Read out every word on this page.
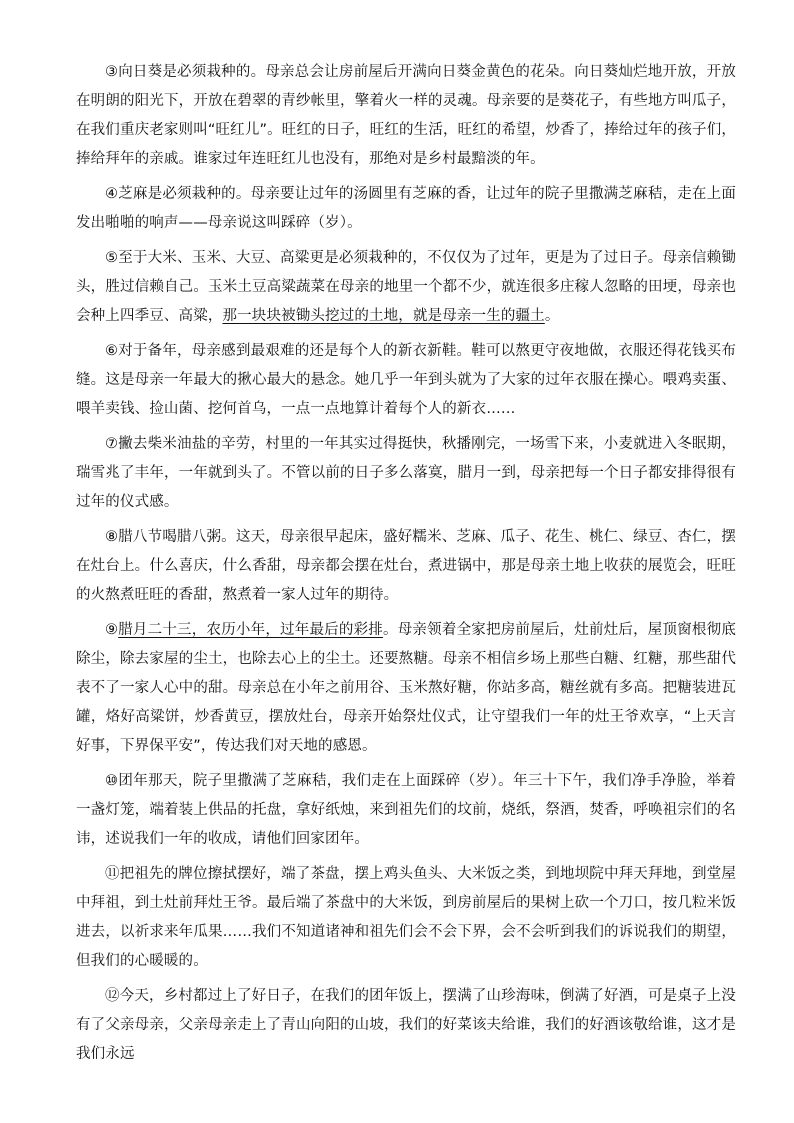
③向日葵是必须栽种的。母亲总会让房前屋后开满向日葵金黄色的花朵。向日葵灿烂地开放，开放在明朗的阳光下，开放在碧翠的青纱帐里，擎着火一样的灵魂。母亲要的是葵花子，有些地方叫瓜子，在我们重庆老家则叫“旺红儿”。旺红的日子，旺红的生活，旺红的希望，炒香了，捧给过年的孩子们，捧给拜年的亲戚。谁家过年连旺红儿也没有，那绝对是乡村最黯淡的年。

④芝麻是必须栽种的。母亲要让过年的汤圆里有芝麻的香，让过年的院子里撒满芝麻秸，走在上面发出啪啪的响声——母亲说这叫踩碎（岁）。

⑤至于大米、玉米、大豆、高粱更是必须栽种的，不仅仅为了过年，更是为了过日子。母亲信赖锄头，胜过信赖自己。玉米土豆高粱蔬菜在母亲的地里一个都不少，就连很多庄稼人忽略的田埂，母亲也会种上四季豆、高粱，那一块块被锄头挖过的土地，就是母亲一生的疆土。

⑥对于备年，母亲感到最艰难的还是每个人的新衣新鞋。鞋可以熬更守夜地做，衣服还得花钱买布缝。这是母亲一年最大的揪心最大的悬念。她几乎一年到头就为了大家的过年衣服在操心。喂鸡卖蛋、喂羊卖钱、捡山菌、挖何首乌，一点一点地算计着每个人的新衣……

⑦撇去柴米油盐的辛劳，村里的一年其实过得挺快，秋播刚完，一场雪下来，小麦就进入冬眠期，瑞雪兆了丰年，一年就到头了。不管以前的日子多么落寞，腊月一到，母亲把每一个日子都安排得很有过年的仪式感。

⑧腊八节喝腊八粥。这天，母亲很早起床，盛好糯米、芝麻、瓜子、花生、桃仁、绿豆、杏仁，摆在灶台上。什么喜庆，什么香甜，母亲都会摆在灶台，煮进锅中，那是母亲土地上收获的展览会，旺旺的火熬煮旺旺的香甜，熬煮着一家人过年的期待。

⑨腊月二十三，农历小年，过年最后的彩排。母亲领着全家把房前屋后，灶前灶后，屋顶窗根彻底除尘，除去家屋的尘土，也除去心上的尘土。还要熬糖。母亲不相信乡场上那些白糖、红糖，那些甜代表不了一家人心中的甜。母亲总在小年之前用谷、玉米熬好糖，你站多高，糖丝就有多高。把糖装进瓦罐，烙好高粱饼，炒香黄豆，摆放灶台，母亲开始祭灶仪式，让守望我们一年的灶王爷欢享，“上天言好事，下界保平安”，传达我们对天地的感恩。

⑩团年那天，院子里撒满了芝麻秸，我们走在上面踩碎（岁）。年三十下午，我们净手净脸，举着一盏灯笼，端着装上供品的托盘，拿好纸烛，来到祖先们的坟前，烧纸，祭酒，焚香，呼唤祖宗们的名讳，述说我们一年的收成，请他们回家团年。

⑪把祖先的牌位擦拭摆好，端了茶盘，摆上鸡头鱼头、大米饭之类，到地坝院中拜天拜地，到堂屋中拜祖，到土灶前拜灶王爷。最后端了茶盘中的大米饭，到房前屋后的果树上砍一个刀口，按几粒米饭进去，以祈求来年瓜果……我们不知道诸神和祖先们会不会下界，会不会听到我们的诉说我们的期望，但我们的心暖暖的。

⑫今天，乡村都过上了好日子，在我们的团年饭上，摆满了山珍海味，倒满了好酒，可是桌子上没有了父亲母亲，父亲母亲走上了青山向阳的山坡，我们的好菜该夫给谁，我们的好酒该敬给谁，这才是我们永远
